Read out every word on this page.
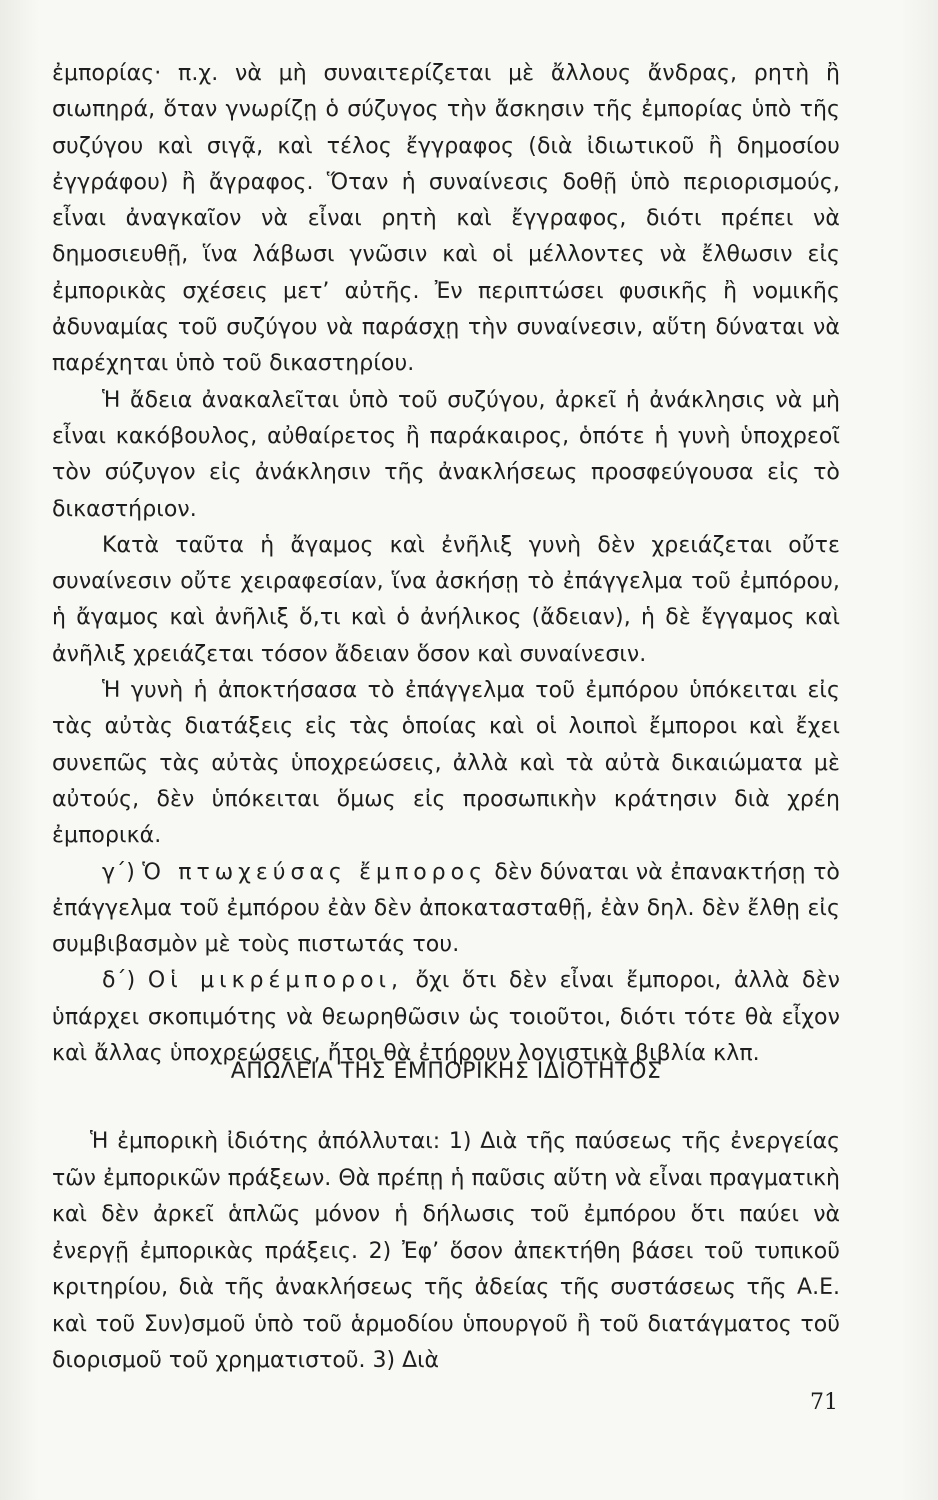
ἐμπορίας· π.χ. νὰ μὴ συναιτερίζεται μὲ ἄλλους ἄνδρας, ρητὴ ἢ σιωπηρά, ὅταν γνωρίζῃ ὁ σύζυγος τὴν ἄσκησιν τῆς ἐμπορίας ὑπὸ τῆς συζύγου καὶ σιγᾷ, καὶ τέλος ἔγγραφος (διὰ ἰδιωτικοῦ ἢ δημοσίου ἐγγράφου) ἢ ἄγραφος. Ὅταν ἡ συναίνεσις δοθῇ ὑπὸ περιορισμούς, εἶναι ἀναγκαῖον νὰ εἶναι ρητὴ καὶ ἔγγραφος, διότι πρέπει νὰ δημοσιευθῇ, ἵνα λάβωσι γνῶσιν καὶ οἱ μέλλοντες νὰ ἔλθωσιν εἰς ἐμπορικὰς σχέσεις μετ’ αὐτῆς. Ἐν περιπτώσει φυσικῆς ἢ νομικῆς ἀδυναμίας τοῦ συζύγου νὰ παράσχῃ τὴν συναίνεσιν, αὕτη δύναται νὰ παρέχηται ὑπὸ τοῦ δικαστηρίου.

Ἡ ἄδεια ἀνακαλεῖται ὑπὸ τοῦ συζύγου, ἀρκεῖ ἡ ἀνάκλησις νὰ μὴ εἶναι κακόβουλος, αὐθαίρετος ἢ παράκαιρος, ὁπότε ἡ γυνὴ ὑποχρεοῖ τὸν σύζυγον εἰς ἀνάκλησιν τῆς ἀνακλήσεως προσφεύγουσα εἰς τὸ δικαστήριον.

Κατὰ ταῦτα ἡ ἄγαμος καὶ ἐνῆλιξ γυνὴ δὲν χρειάζεται οὔτε συναίνεσιν οὔτε χειραφεσίαν, ἵνα ἀσκήσῃ τὸ ἐπάγγελμα τοῦ ἐμπόρου, ἡ ἄγαμος καὶ ἀνῆλιξ ὅ,τι καὶ ὁ ἀνήλικος (ἄδειαν), ἡ δὲ ἔγγαμος καὶ ἀνῆλιξ χρειάζεται τόσον ἄδειαν ὅσον καὶ συναίνεσιν.

Ἡ γυνὴ ἡ ἀποκτήσασα τὸ ἐπάγγελμα τοῦ ἐμπόρου ὑπόκειται εἰς τὰς αὐτὰς διατάξεις εἰς τὰς ὁποίας καὶ οἱ λοιποὶ ἔμποροι καὶ ἔχει συνεπῶς τὰς αὐτὰς ὑποχρεώσεις, ἀλλὰ καὶ τὰ αὐτὰ δικαιώματα μὲ αὐτούς, δὲν ὑπόκειται ὅμως εἰς προσωπικὴν κράτησιν διὰ χρέη ἐμπορικά.

γ΄) Ὁ πτωχεύσας ἔμπορος δὲν δύναται νὰ ἐπανακτήσῃ τὸ ἐπάγγελμα τοῦ ἐμπόρου ἐὰν δὲν ἀποκατασταθῇ, ἐὰν δηλ. δὲν ἔλθῃ εἰς συμβιβασμὸν μὲ τοὺς πιστωτάς του.

δ΄) Οἱ μικρέμποροι, ὄχι ὅτι δὲν εἶναι ἔμποροι, ἀλλὰ δὲν ὑπάρχει σκοπιμότης νὰ θεωρηθῶσιν ὡς τοιοῦτοι, διότι τότε θὰ εἶχον καὶ ἄλλας ὑποχρεώσεις, ἤτοι θὰ ἐτήρουν λογιστικὰ βιβλία κλπ.

ΑΠΩΛΕΙΑ ΤΗΣ ΕΜΠΟΡΙΚΗΣ ΙΔΙΟΤΗΤΟΣ

Ἡ ἐμπορικὴ ἰδιότης ἀπόλλυται: 1) Διὰ τῆς παύσεως τῆς ἐνεργείας τῶν ἐμπορικῶν πράξεων. Θὰ πρέπῃ ἡ παῦσις αὕτη νὰ εἶναι πραγματικὴ καὶ δὲν ἀρκεῖ ἁπλῶς μόνον ἡ δήλωσις τοῦ ἐμπόρου ὅτι παύει νὰ ἐνεργῇ ἐμπορικὰς πράξεις. 2) Ἐφ’ ὅσον ἀπεκτήθη βάσει τοῦ τυπικοῦ κριτηρίου, διὰ τῆς ἀνακλήσεως τῆς ἀδείας τῆς συστάσεως τῆς Α.Ε. καὶ τοῦ Συν)σμοῦ ὑπὸ τοῦ ἁρμοδίου ὑπουργοῦ ἢ τοῦ διατάγματος τοῦ διορισμοῦ τοῦ χρηματιστοῦ. 3) Διὰ

71
